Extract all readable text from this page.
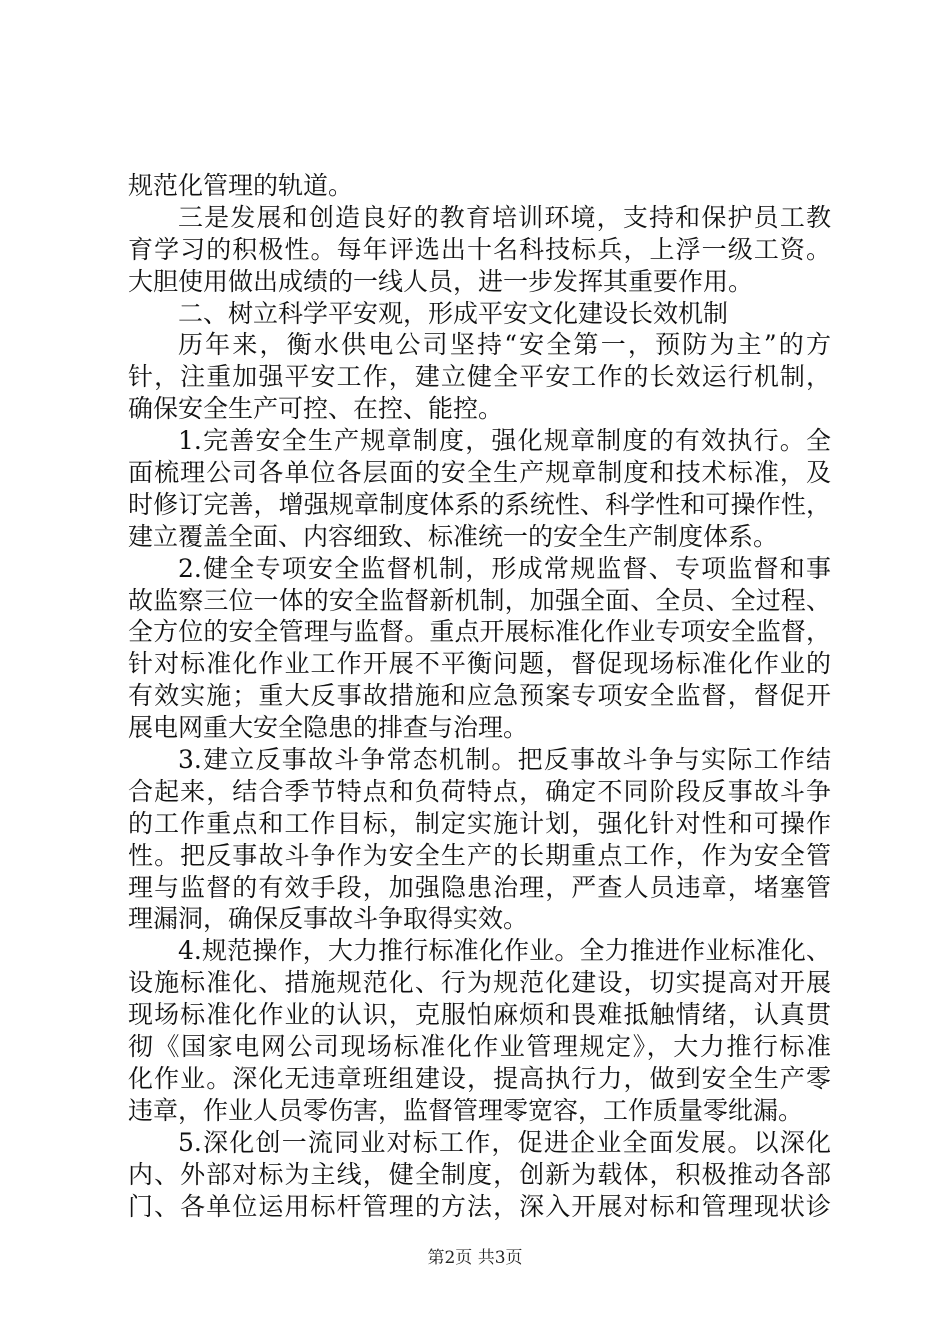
规范化管理的轨道。
三是发展和创造良好的教育培训环境，支持和保护员工教
育学习的积极性。每年评选出十名科技标兵，上浮一级工资。
大胆使用做出成绩的一线人员，进一步发挥其重要作用。
二、树立科学平安观，形成平安文化建设长效机制
历年来，衡水供电公司坚持“安全第一，预防为主”的方
针，注重加强平安工作，建立健全平安工作的长效运行机制，
确保安全生产可控、在控、能控。
1.完善安全生产规章制度，强化规章制度的有效执行。全
面梳理公司各单位各层面的安全生产规章制度和技术标准，及
时修订完善，增强规章制度体系的系统性、科学性和可操作性，
建立覆盖全面、内容细致、标准统一的安全生产制度体系。
2.健全专项安全监督机制，形成常规监督、专项监督和事
故监察三位一体的安全监督新机制，加强全面、全员、全过程、
全方位的安全管理与监督。重点开展标准化作业专项安全监督，
针对标准化作业工作开展不平衡问题，督促现场标准化作业的
有效实施；重大反事故措施和应急预案专项安全监督，督促开
展电网重大安全隐患的排查与治理。
3.建立反事故斗争常态机制。把反事故斗争与实际工作结
合起来，结合季节特点和负荷特点，确定不同阶段反事故斗争
的工作重点和工作目标，制定实施计划，强化针对性和可操作
性。把反事故斗争作为安全生产的长期重点工作，作为安全管
理与监督的有效手段，加强隐患治理，严查人员违章，堵塞管
理漏洞，确保反事故斗争取得实效。
4.规范操作，大力推行标准化作业。全力推进作业标准化、
设施标准化、措施规范化、行为规范化建设，切实提高对开展
现场标准化作业的认识，克服怕麻烦和畏难抵触情绪，认真贯
彻《国家电网公司现场标准化作业管理规定》，大力推行标准
化作业。深化无违章班组建设，提高执行力，做到安全生产零
违章，作业人员零伤害，监督管理零宽容，工作质量零纰漏。
5.深化创一流同业对标工作，促进企业全面发展。以深化
内、外部对标为主线，健全制度，创新为载体，积极推动各部
门、各单位运用标杆管理的方法，深入开展对标和管理现状诊
第2页 共3页
